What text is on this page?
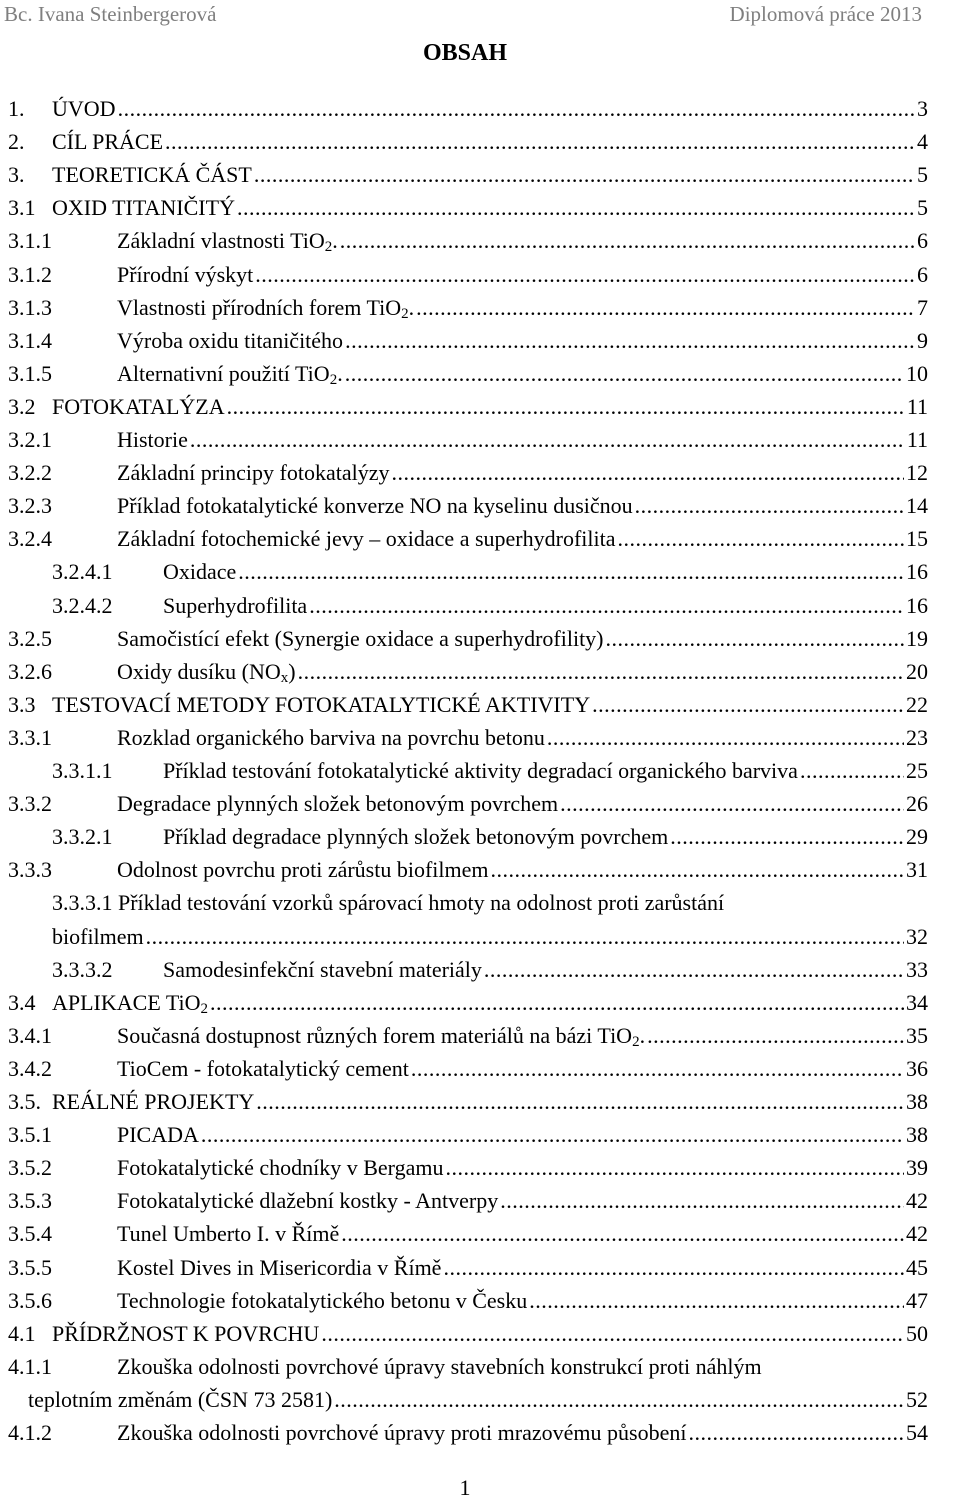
Bc. Ivana Steinbergerová	Diplomová práce 2013
OBSAH
1. ÚVOD .....	3
2. CÍL PRÁCE .....	4
3. TEORETICKÁ ČÁST .....	5
3.1 OXID TITANIČITÝ .....	5
3.1.1	Základní vlastnosti TiO$_2$. .....	6
3.1.2	Přírodní výskyt .....	6
3.1.3	Vlastnosti přírodních forem TiO$_2$. .....	7
3.1.4	Výroba oxidu titaničitého .....	9
3.1.5	Alternativní použití TiO$_2$. .....	10
3.2 FOTOKATALÝZA .....	11
3.2.1	Historie .....	11
3.2.2	Základní principy fotokatalýzy .....	12
3.2.3	Příklad fotokatalytické konverze NO na kyselinu dusičnou .....	14
3.2.4	Základní fotochemické jevy – oxidace a superhydrofilita .....	15
3.2.4.1 Oxidace .....	16
3.2.4.2 Superhydrofilita .....	16
3.2.5	Samočistící efekt (Synergie oxidace a superhydrofility) .....	19
3.2.6	Oxidy dusíku $(NO_x)$ .....	20
3.3 TESTOVACÍ METODY FOTOKATALYTICKÉ AKTIVITY .....	22
3.3.1	Rozklad organického barviva na povrchu betonu .....	23
3.3.1.1 Příklad testování fotokatalytické aktivity degradací organického barviva .....	25
3.3.2	Degradace plynných složek betonovým povrchem .....	26
3.3.2.1 Příklad degradace plynných složek betonovým povrchem .....	29
3.3.3	Odolnost povrchu proti zárůstu biofilmem .....	31
3.3.3.1 Příklad testování vzorků spárovací hmoty na odolnost proti zarůstání
biofilmem .....	32
3.3.3.2 Samodesinfekční stavební materiály .....	33
3.4 APLIKACE TiO$_2$ .....	34
3.4.1	Současná dostupnost různých forem materiálů na bázi TiO$_2$. .....	35
3.4.2	TioCem - fotokatalytický cement .....	36
3.5. REÁLNÉ PROJEKTY .....	38
3.5.1	PICADA .....	38
3.5.2	Fotokatalytické chodníky v Bergamu .....	39
3.5.3	Fotokatalytické dlažební kostky - Antverpy .....	42
3.5.4	Tunel Umberto I. v Římě .....	42
3.5.5	Kostel Dives in Misericordia v Římě .....	45
3.5.6	Technologie fotokatalytického betonu v Česku .....	47
4.1 PŘÍDRŽNOST K POVRCHU .....	50
4.1.1	Zkouška odolnosti povrchové úpravy stavebních konstrukcí proti náhlým
teplotním změnám (ČSN 73 2581) .....	52
4.1.2	Zkouška odolnosti povrchové úpravy proti mrazovému působení .....	54
1
